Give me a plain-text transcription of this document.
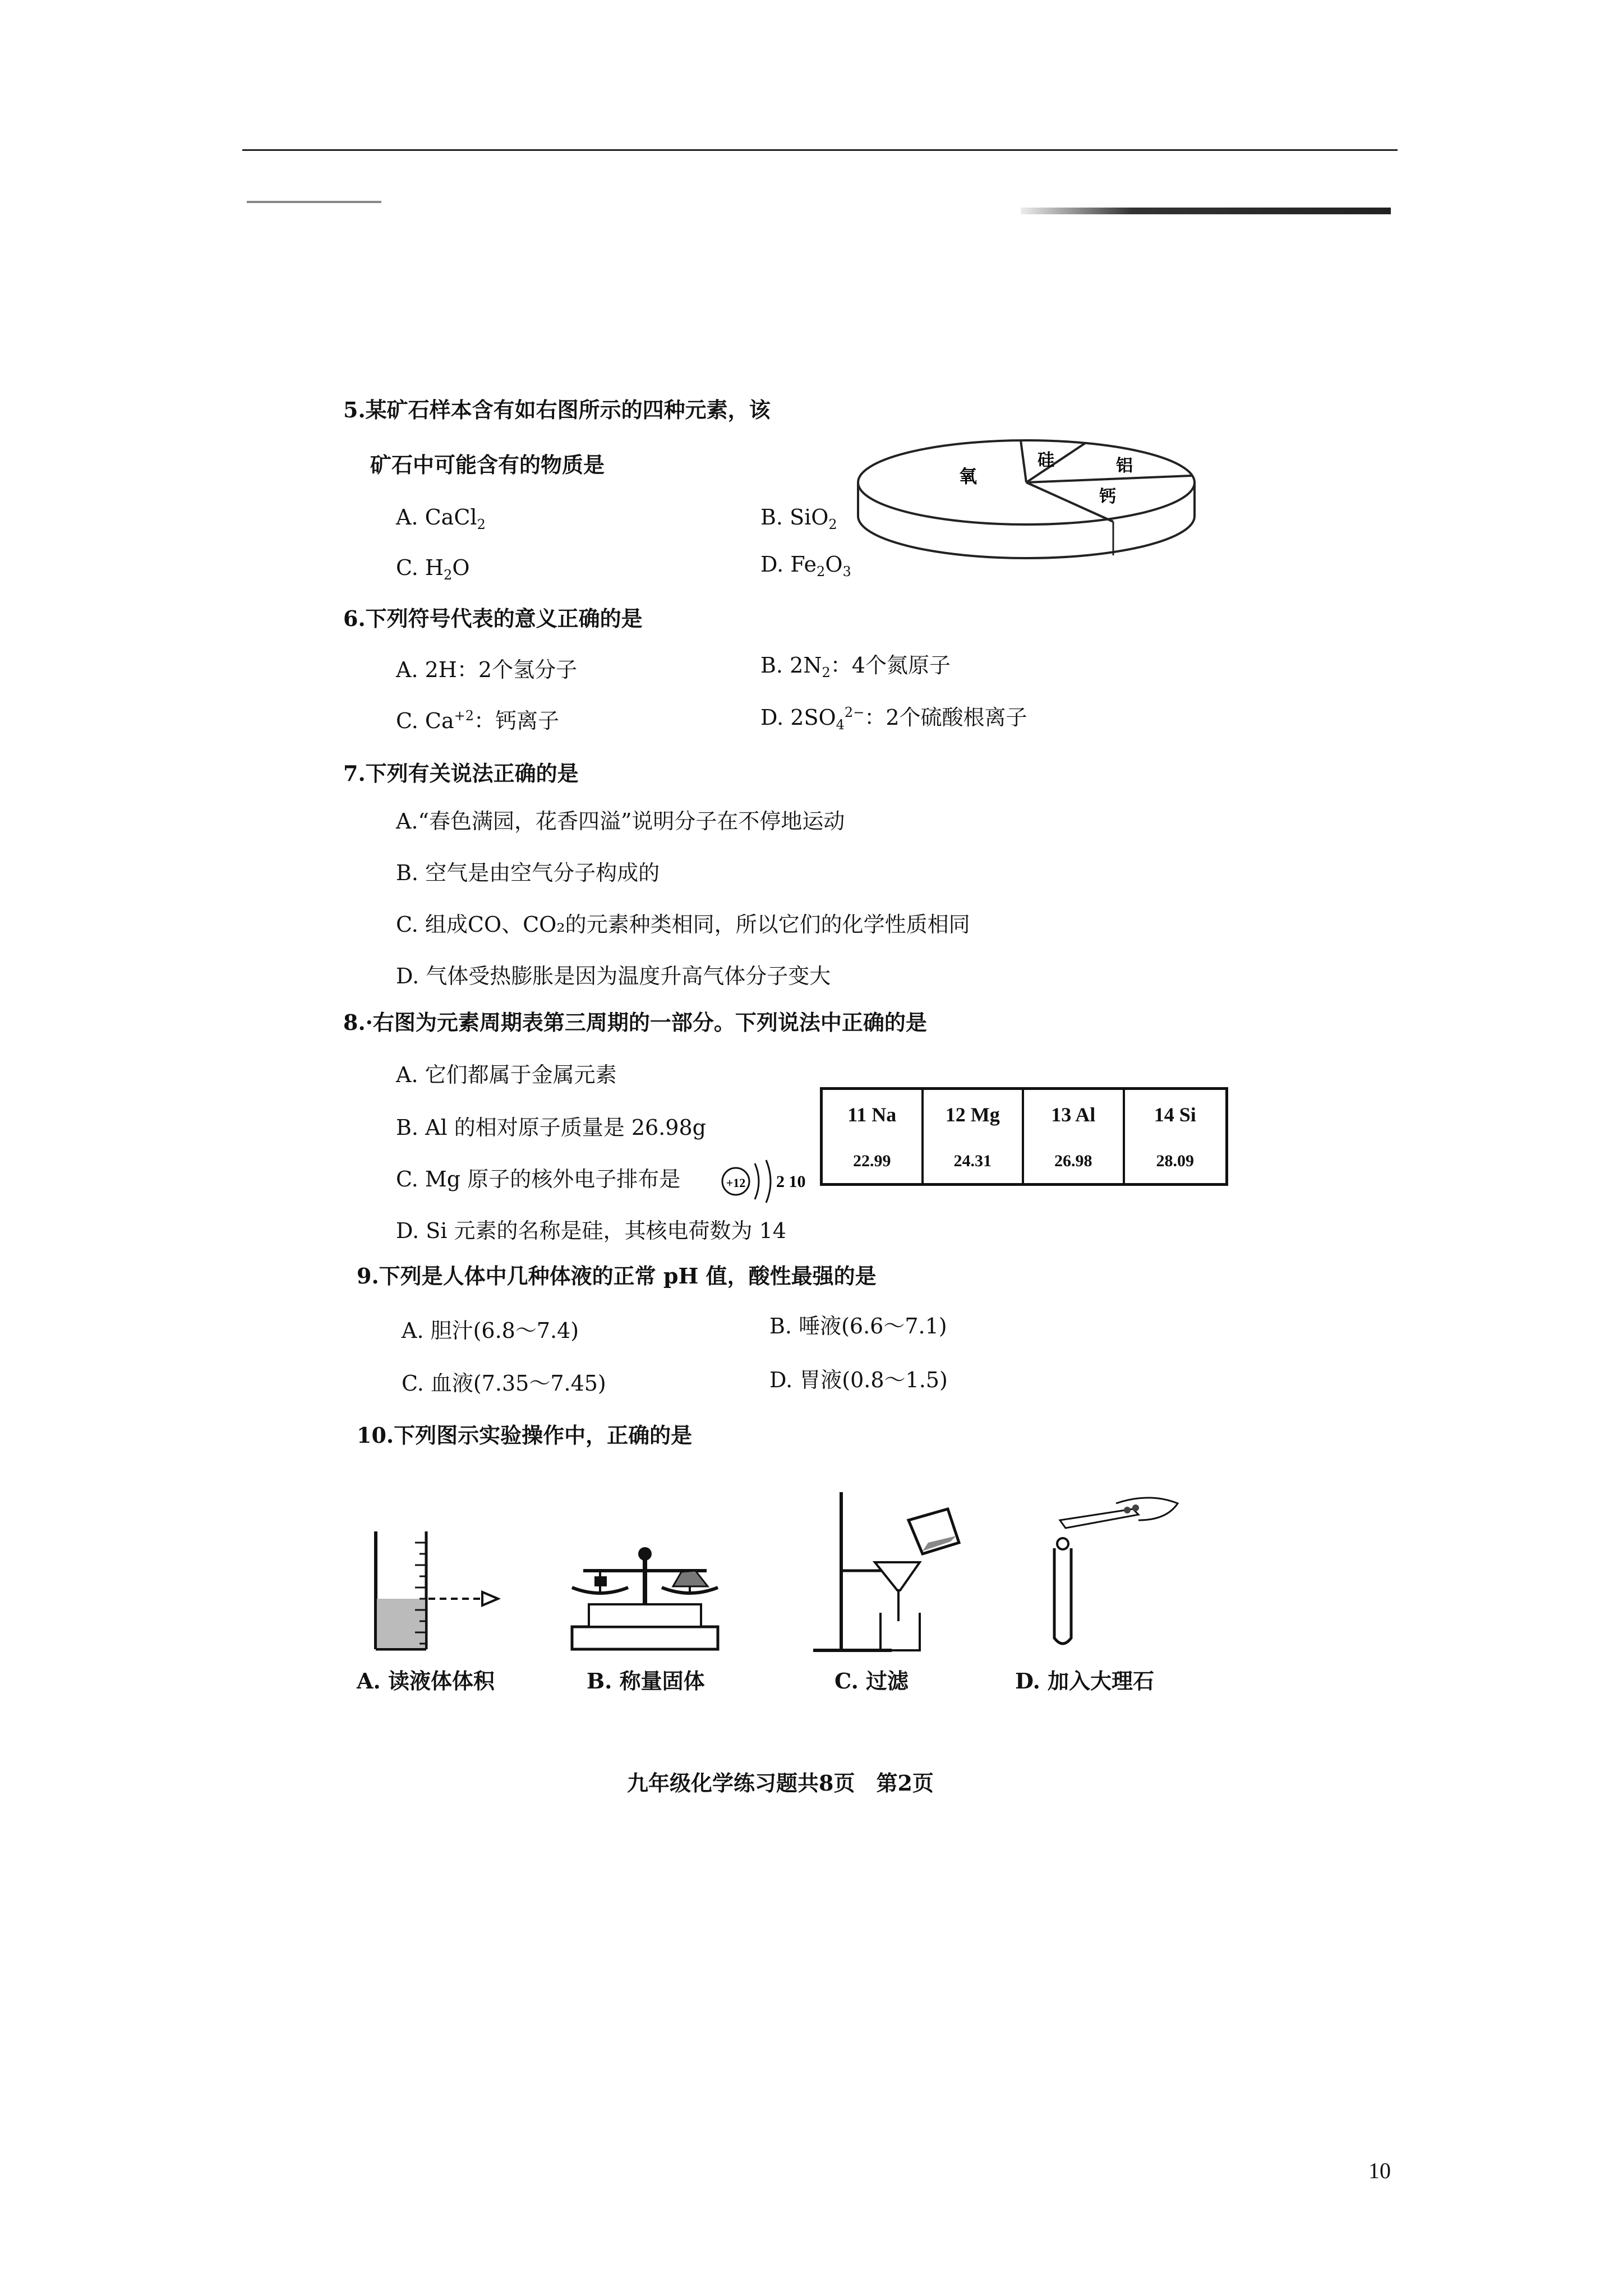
5.某矿石样本含有如右图所示的四种元素，该
矿石中可能含有的物质是
A. CaCl$_2$	B. SiO$_2$
C. $H_2O$	D. $Fe_2O_3$
氧
硅	铝
钙
6.下列符号代表的意义正确的是
A. 2H：2个氢分子	B. $2N_2$：4个氮原子
C. $Ca^{+2}$：钙离子	D. $2SO_4^{2-}$：2个硫酸根离子
7.下列有关说法正确的是
A.“春色满园，花香四溢”说明分子在不停地运动
B. 空气是由空气分子构成的
C. 组成CO、CO₂的元素种类相同，所以它们的化学性质相同
D. 气体受热膨胀是因为温度升高气体分子变大
8.·右图为元素周期表第三周期的一部分。下列说法中正确的是
A. 它们都属于金属元素
B. Al 的相对原子质量是 26.98g
C. Mg 原子的核外电子排布是	+12 2 10
D. Si 元素的名称是硅，其核电荷数为 14
11 Na
22.99
12 Mg
24.31
13 Al
26.98
14 Si
28.09
9.下列是人体中几种体液的正常 pH 值，酸性最强的是
A. 胆汁(6.8～7.4)	B. 唾液(6.6～7.1)
C. 血液(7.35～7.45)	D. 胃液(0.8～1.5)
10.下列图示实验操作中，正确的是
A. 读液体体积	B. 称量固体	C. 过滤	D. 加入大理石
九年级化学练习题共8页　第2页
10
